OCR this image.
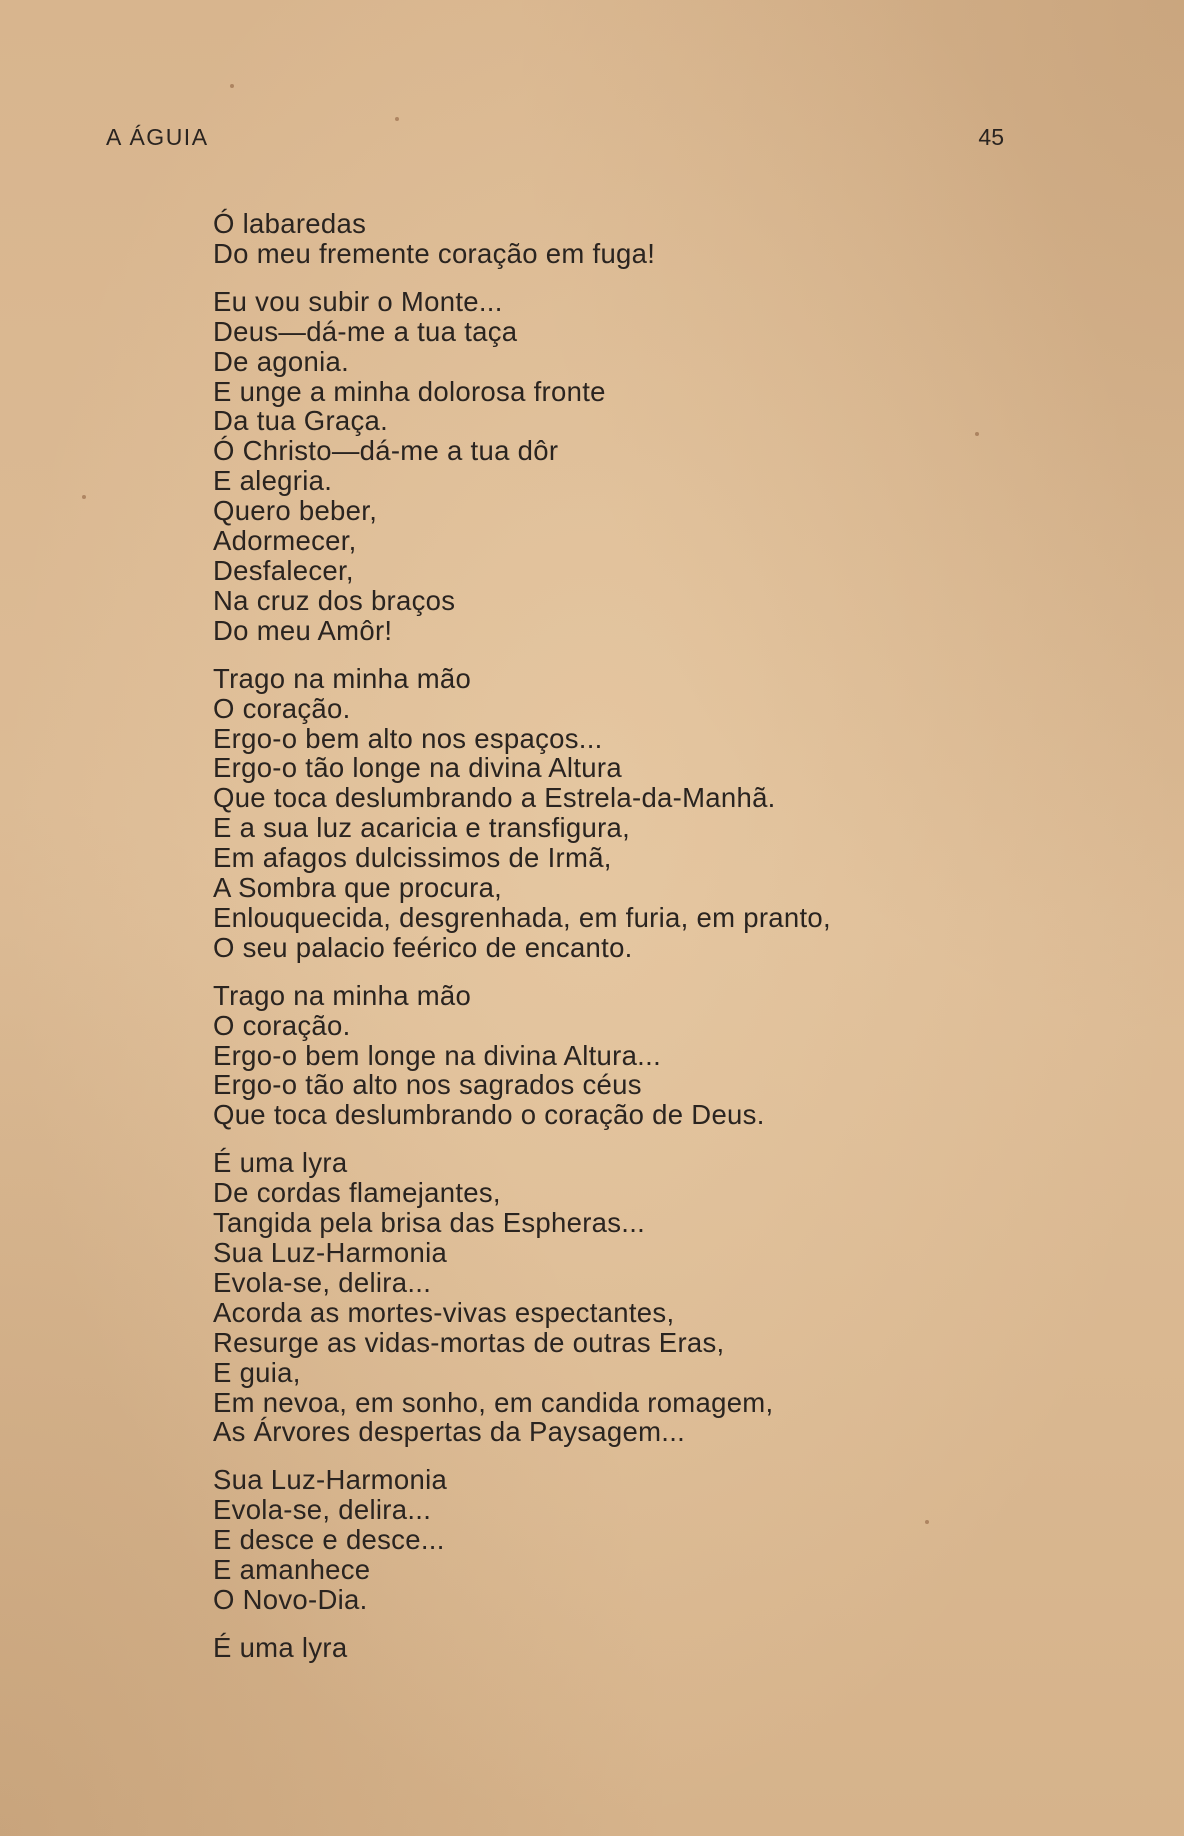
A ÁGUIA	45
Ó labaredas
Do meu fremente coração em fuga!
Eu vou subir o Monte...
Deus—dá-me a tua taça
De agonia.
E unge a minha dolorosa fronte
Da tua Graça.
Ó Christo—dá-me a tua dôr
E alegria.
Quero beber,
Adormecer,
Desfalecer,
Na cruz dos braços
Do meu Amôr!
Trago na minha mão
O coração.
Ergo-o bem alto nos espaços...
Ergo-o tão longe na divina Altura
Que toca deslumbrando a Estrela-da-Manhã.
E a sua luz acaricia e transfigura,
Em afagos dulcissimos de Irmã,
A Sombra que procura,
Enlouquecida, desgrenhada, em furia, em pranto,
O seu palacio feérico de encanto.
Trago na minha mão
O coração.
Ergo-o bem longe na divina Altura...
Ergo-o tão alto nos sagrados céus
Que toca deslumbrando o coração de Deus.
É uma lyra
De cordas flamejantes,
Tangida pela brisa das Espheras...
Sua Luz-Harmonia
Evola-se, delira...
Acorda as mortes-vivas espectantes,
Resurge as vidas-mortas de outras Eras,
E guia,
Em nevoa, em sonho, em candida romagem,
As Árvores despertas da Paysagem...
Sua Luz-Harmonia
Evola-se, delira...
E desce e desce...
E amanhece
O Novo-Dia.
É uma lyra
